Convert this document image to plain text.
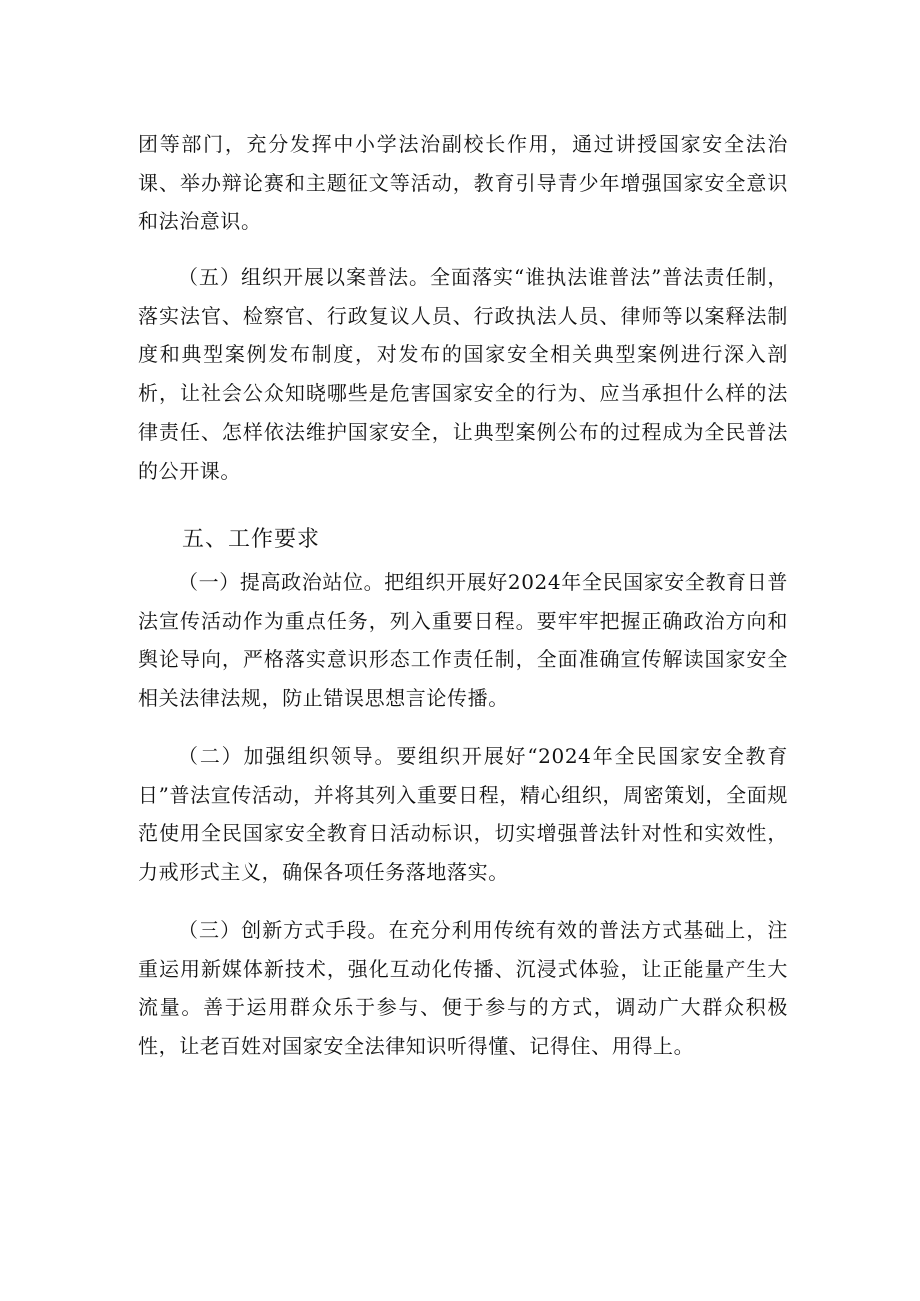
团等部门，充分发挥中小学法治副校长作用，通过讲授国家安全法治课、举办辩论赛和主题征文等活动，教育引导青少年增强国家安全意识和法治意识。

（五）组织开展以案普法。全面落实“谁执法谁普法”普法责任制，落实法官、检察官、行政复议人员、行政执法人员、律师等以案释法制度和典型案例发布制度，对发布的国家安全相关典型案例进行深入剖析，让社会公众知晓哪些是危害国家安全的行为、应当承担什么样的法律责任、怎样依法维护国家安全，让典型案例公布的过程成为全民普法的公开课。

五、工作要求

（一）提高政治站位。把组织开展好2024年全民国家安全教育日普法宣传活动作为重点任务，列入重要日程。要牢牢把握正确政治方向和舆论导向，严格落实意识形态工作责任制，全面准确宣传解读国家安全相关法律法规，防止错误思想言论传播。

（二）加强组织领导。要组织开展好“2024年全民国家安全教育日”普法宣传活动，并将其列入重要日程，精心组织，周密策划，全面规范使用全民国家安全教育日活动标识，切实增强普法针对性和实效性，力戒形式主义，确保各项任务落地落实。

（三）创新方式手段。在充分利用传统有效的普法方式基础上，注重运用新媒体新技术，强化互动化传播、沉浸式体验，让正能量产生大流量。善于运用群众乐于参与、便于参与的方式，调动广大群众积极性，让老百姓对国家安全法律知识听得懂、记得住、用得上。
